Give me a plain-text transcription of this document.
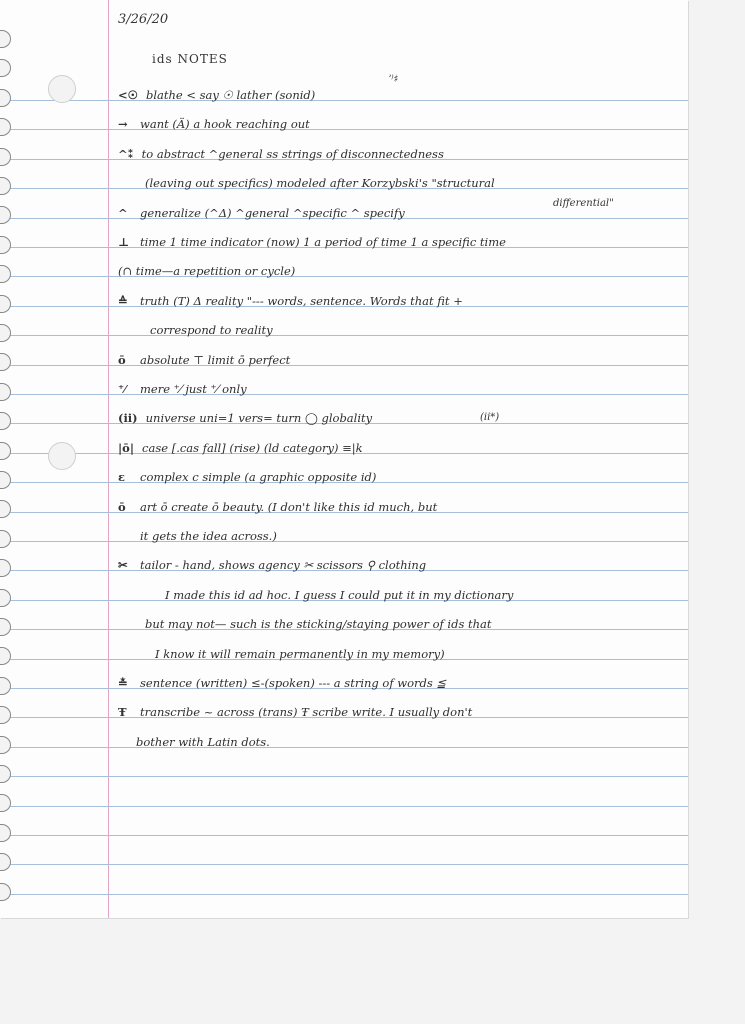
3/26/20
ids NOTES
ʾ⁾♯
differential"
(ii*)
<☉ blathe < say ☉ lather (sonid)
→ want (Ä) a hook reaching out
^⁑ to abstract ^general ss strings of disconnectedness
(leaving out specifics) modeled after Korzybski's "structural
^ generalize (^Δ) ^general ^specific ^ specify
⊥ time 1 time indicator (now) 1 a period of time 1 a specific time
(∩ time—a repetition or cycle)
≙ truth (T) Δ reality "--- words, sentence. Words that fit +
correspond to reality
ō absolute ⊤ limit ō perfect
⁺⁄ mere ⁺⁄ just ⁺⁄ only
(ii) universe uni=1 vers= turn ◯ globality
|ō| case [.cas fall] (rise) (ld category) ≡|k
ε complex c simple (a graphic opposite id)
ō art ō create ō beauty. (I don't like this id much, but
it gets the idea across.)
✂ tailor - hand, shows agency ✂ scissors ⚲ clothing
I made this id ad hoc. I guess I could put it in my dictionary
but may not— such is the sticking/staying power of ids that
I know it will remain permanently in my memory)
≛ sentence (written) ≤-(spoken) --- a string of words ≦
Ŧ transcribe ~ across (trans) Ŧ scribe write. I usually don't
bother with Latin dots.
